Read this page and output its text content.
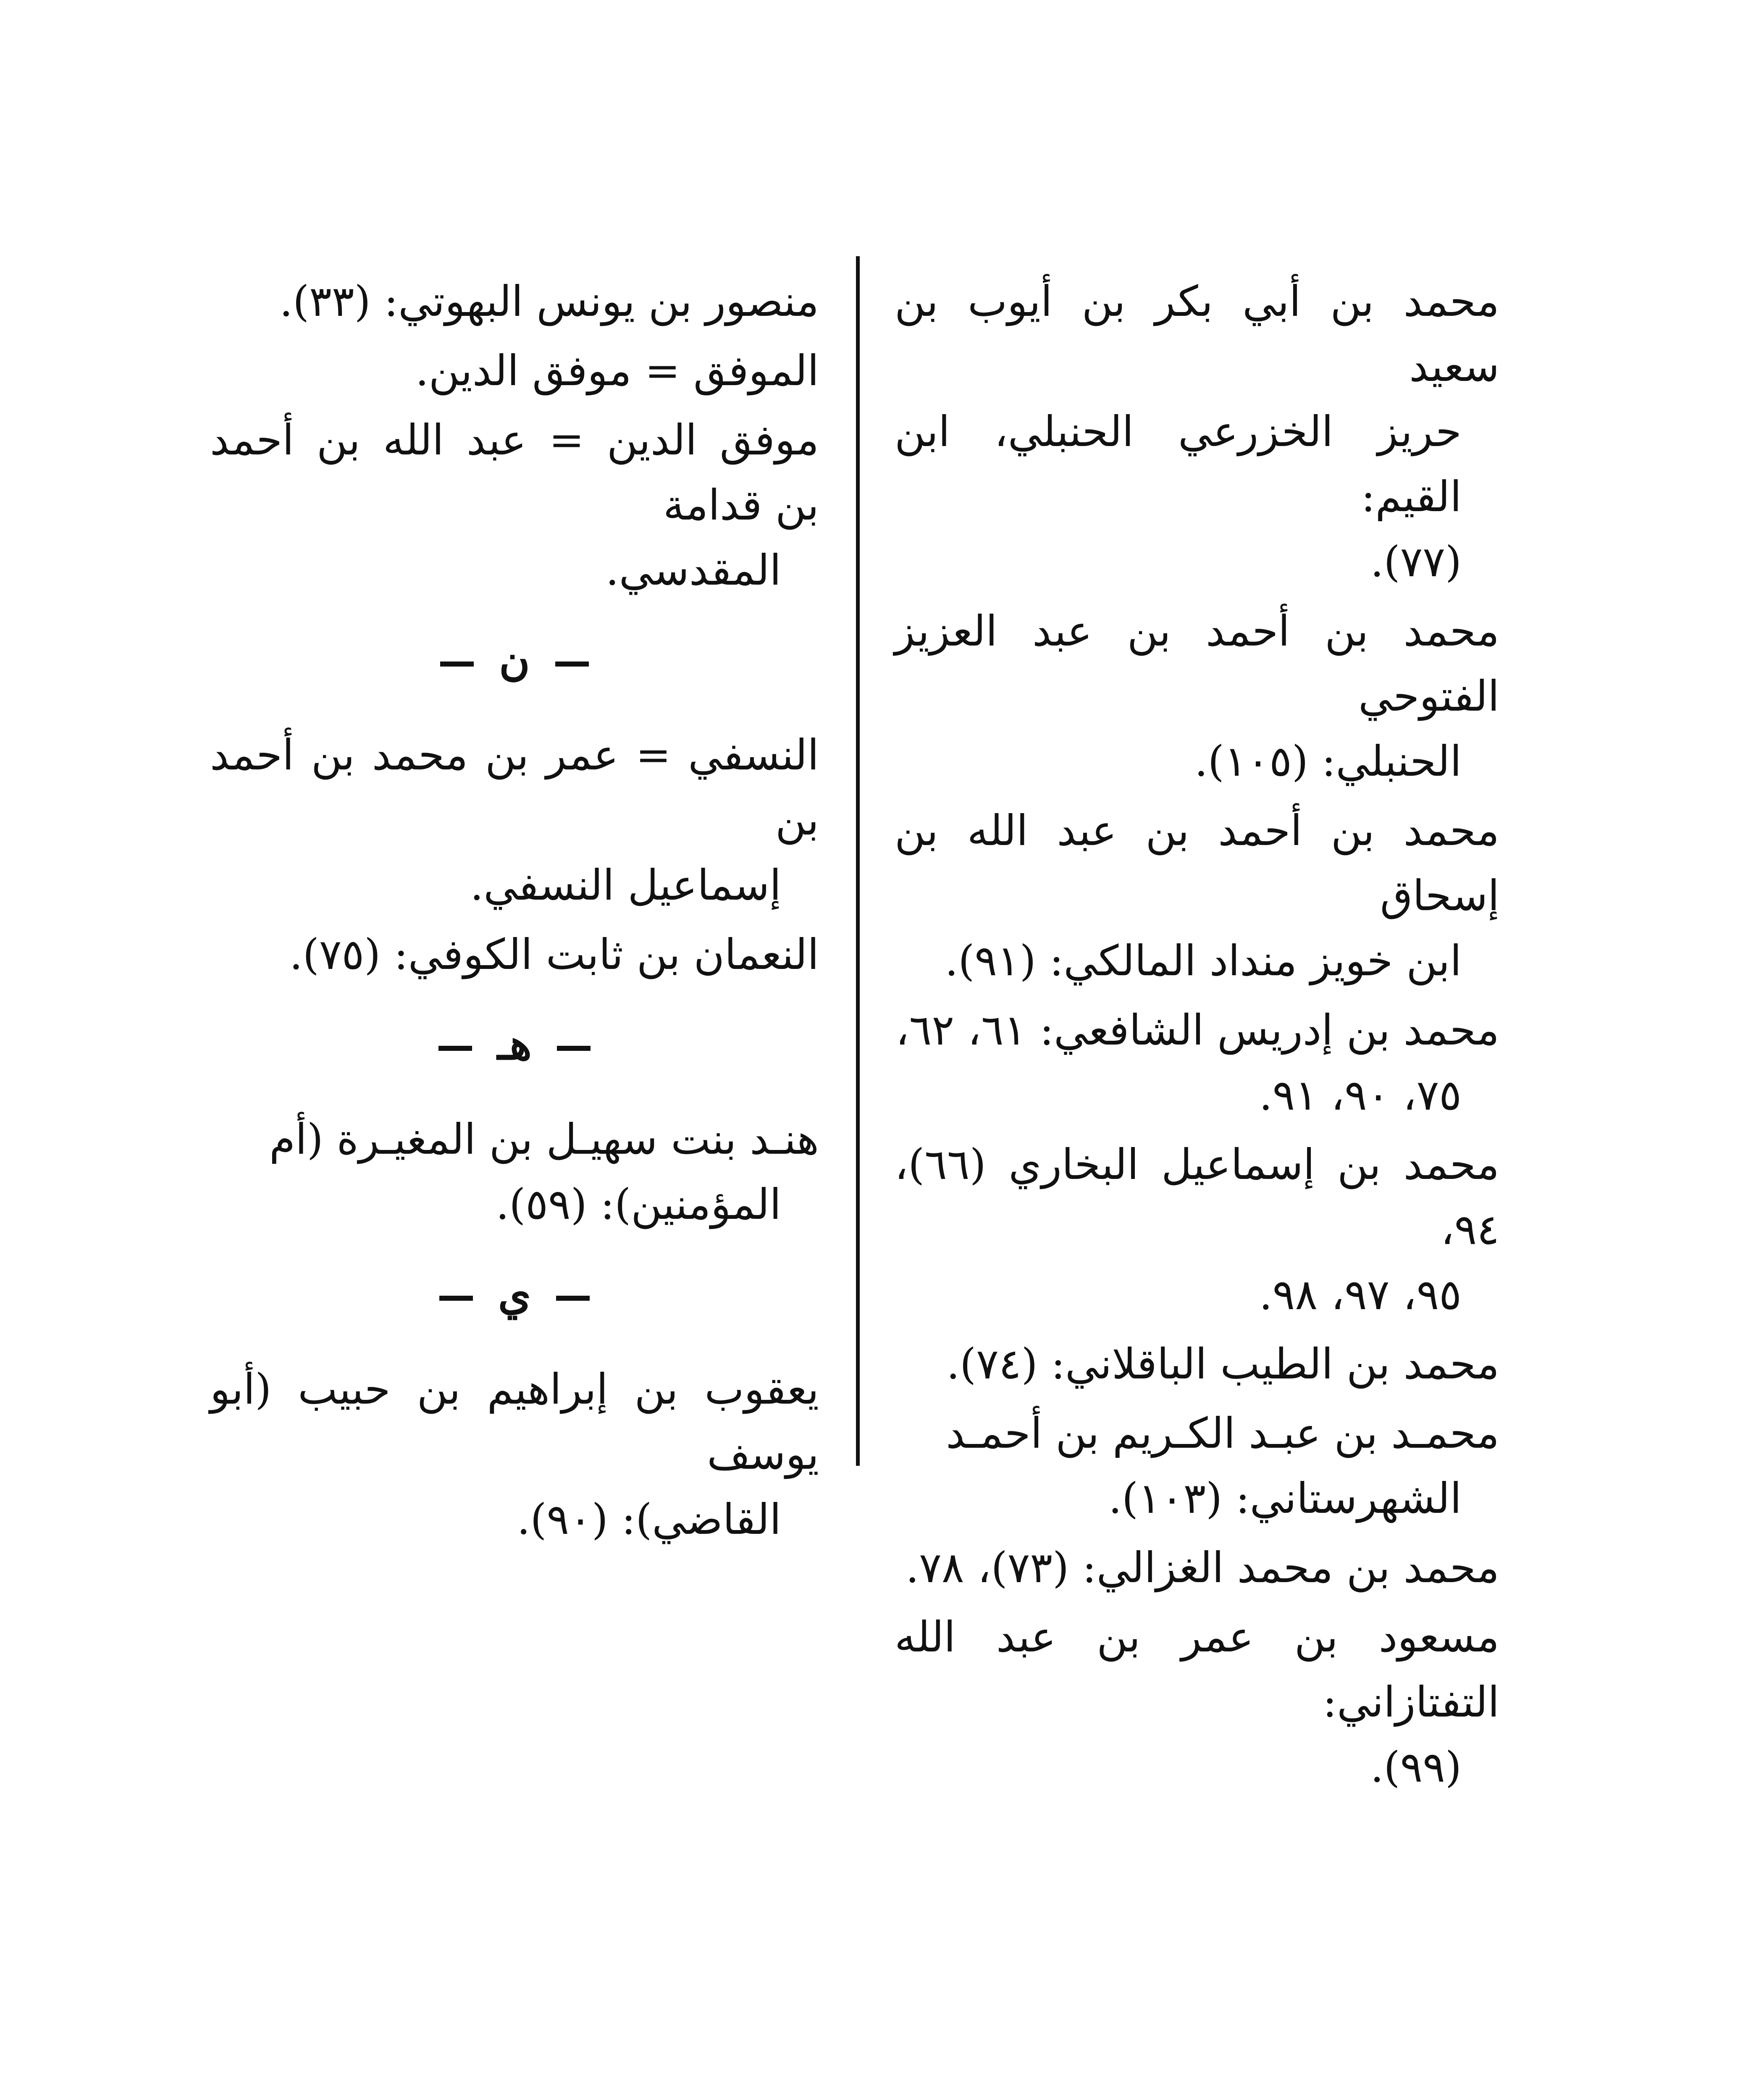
محمد بن أبي بكر بن أيوب بن سعيد
حريز الخزرعي الحنبلي، ابن القيم:
(٧٧).
محمد بن أحمد بن عبد العزيز الفتوحي
الحنبلي: (١٠٥).
محمد بن أحمد بن عبد الله بن إسحاق
ابن خويز منداد المالكي: (٩١).
محمد بن إدريس الشافعي: ٦١، ٦٢،
٧٥، ٩٠، ٩١.
محمد بن إسماعيل البخاري (٦٦)، ٩٤،
٩٥، ٩٧، ٩٨.
محمد بن الطيب الباقلاني: (٧٤).
محمـد بن عبـد الكـريم بن أحمـد
الشهرستاني: (١٠٣).
محمد بن محمد الغزالي: (٧٣)، ٧٨.
مسعود بن عمر بن عبد الله التفتازاني:
(٩٩).
منصور بن يونس البهوتي: (٣٣).
الموفق = موفق الدين.
موفق الدين = عبد الله بن أحمد بن قدامة
المقدسي.
ن
النسفي = عمر بن محمد بن أحمد بن
إسماعيل النسفي.
النعمان بن ثابت الكوفي: (٧٥).
هـ
هنـد بنت سهيـل بن المغيـرة (أم
المؤمنين): (٥٩).
ي
يعقوب بن إبراهيم بن حبيب (أبو يوسف
القاضي): (٩٠).
